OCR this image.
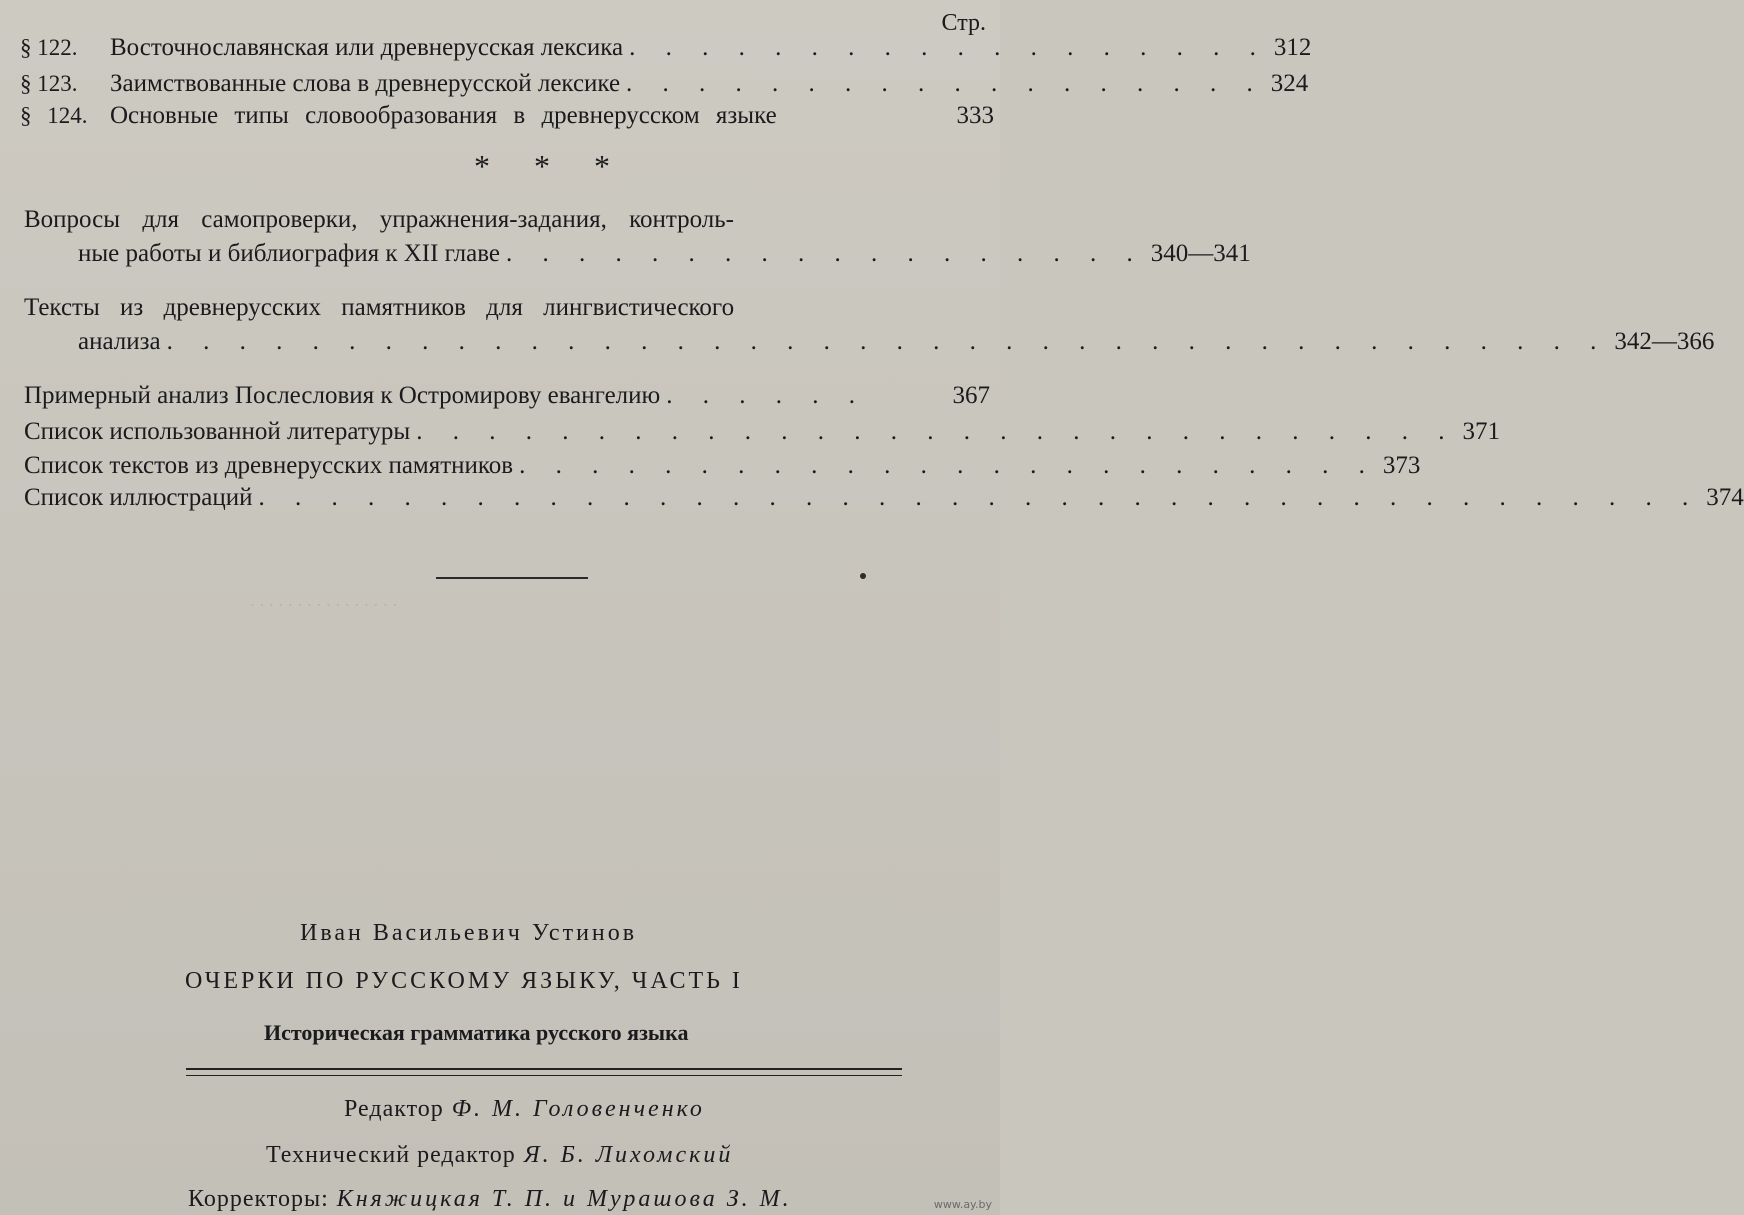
. . . . . . . . . . . . . . . .
Стр.
§ 122.	Восточнославянская или древнерусская лексика . . . . . . . . . . . . . . . . . . 312
§ 123.	Заимствованные слова в древнерусской лексике . . . . . . . . . . . . . . . . . . 324
§ 124. Основные типы словообразования в древнерусском языке	333
* * *
Вопросы для самопроверки, упражнения-задания, контроль-
ные работы и библиография к XII главе . . . . . . . . . . . . . . . . . . 340—341
Тексты из древнерусских памятников для лингвистического
анализа . . . . . . . . . . . . . . . . . . . . . . . . . . . . . . . . . . . . . . . . 342—366
Примерный анализ Послесловия к Остромирову евангелию . . . . . .	367
Список использованной литературы . . . . . . . . . . . . . . . . . . . . . . . . . . . . . 371
Список текстов из древнерусских памятников . . . . . . . . . . . . . . . . . . . . . . . . 373
Список иллюстраций . . . . . . . . . . . . . . . . . . . . . . . . . . . . . . . . . . . . . . . . 374
Иван Васильевич Устинов
ОЧЕРКИ ПО РУССКОМУ ЯЗЫКУ, ЧАСТЬ I
Историческая грамматика русского языка
Редактор Ф. М. Головенченко
Технический редактор Я. Б. Лихомский
Корректоры: Княжицкая Т. П. и Мурашова З. М.	www.ay.by
